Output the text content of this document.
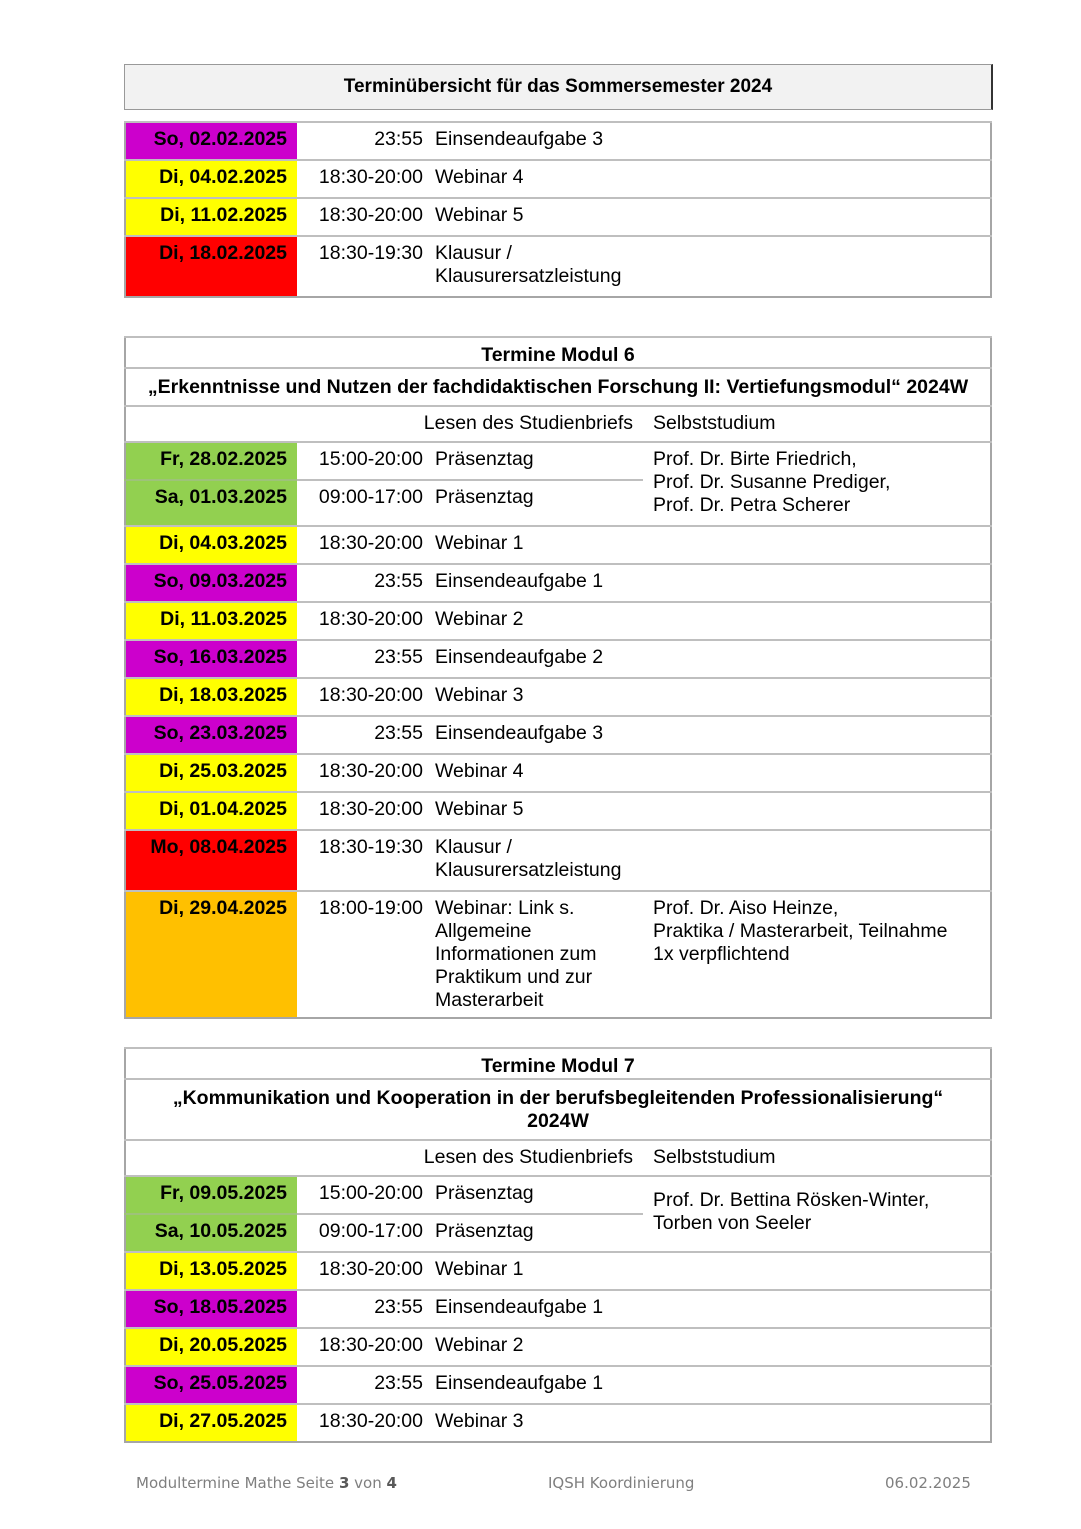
Terminübersicht für das Sommersemester 2024
So, 02.02.2025	23:55	Einsendeaufgabe 3	

Di, 04.02.2025	18:30-20:00	Webinar 4	

Di, 11.02.2025	18:30-20:00	Webinar 5	

Di, 18.02.2025	18:30-19:30	Klausur /
Klausurersatzleistung	

Termine Modul 6			
„Erkenntnisse und Nutzen der fachdidaktischen Forschung II: Vertiefungsmodul“ 2024W			
Lesen des Studienbriefs			Selbststudium
Fr, 28.02.2025	15:00-20:00	Präsenztag	Prof. Dr. Birte Friedrich,
Prof. Dr. Susanne Prediger,
Prof. Dr. Petra Scherer

Sa, 01.03.2025	09:00-17:00	Präsenztag	
Di, 04.03.2025	18:30-20:00	Webinar 1	

So, 09.03.2025	23:55	Einsendeaufgabe 1	

Di, 11.03.2025	18:30-20:00	Webinar 2	

So, 16.03.2025	23:55	Einsendeaufgabe 2	

Di, 18.03.2025	18:30-20:00	Webinar 3	

So, 23.03.2025	23:55	Einsendeaufgabe 3	

Di, 25.03.2025	18:30-20:00	Webinar 4	

Di, 01.04.2025	18:30-20:00	Webinar 5	

Mo, 08.04.2025	18:30-19:30	Klausur /
Klausurersatzleistung	

Di, 29.04.2025	18:00-19:00	Webinar: Link s.
Allgemeine
Informationen zum
Praktikum und zur
Masterarbeit	Prof. Dr. Aiso Heinze,
Praktika / Masterarbeit, Teilnahme
1x verpflichtend
Termine Modul 7			

„Kommunikation und Kooperation in der berufsbegleitenden Professionalisierung“
2024W			

Lesen des Studienbriefs			Selbststudium
Fr, 09.05.2025	15:00-20:00	Präsenztag	Prof. Dr. Bettina Rösken-Winter,
Torben von Seeler

Sa, 10.05.2025	09:00-17:00	Präsenztag	
Di, 13.05.2025	18:30-20:00	Webinar 1	

So, 18.05.2025	23:55	Einsendeaufgabe 1	

Di, 20.05.2025	18:30-20:00	Webinar 2	

So, 25.05.2025	23:55	Einsendeaufgabe 1	

Di, 27.05.2025	18:30-20:00	Webinar 3	

Modultermine Mathe Seite 3 von 4	IQSH Koordinierung	06.02.2025
